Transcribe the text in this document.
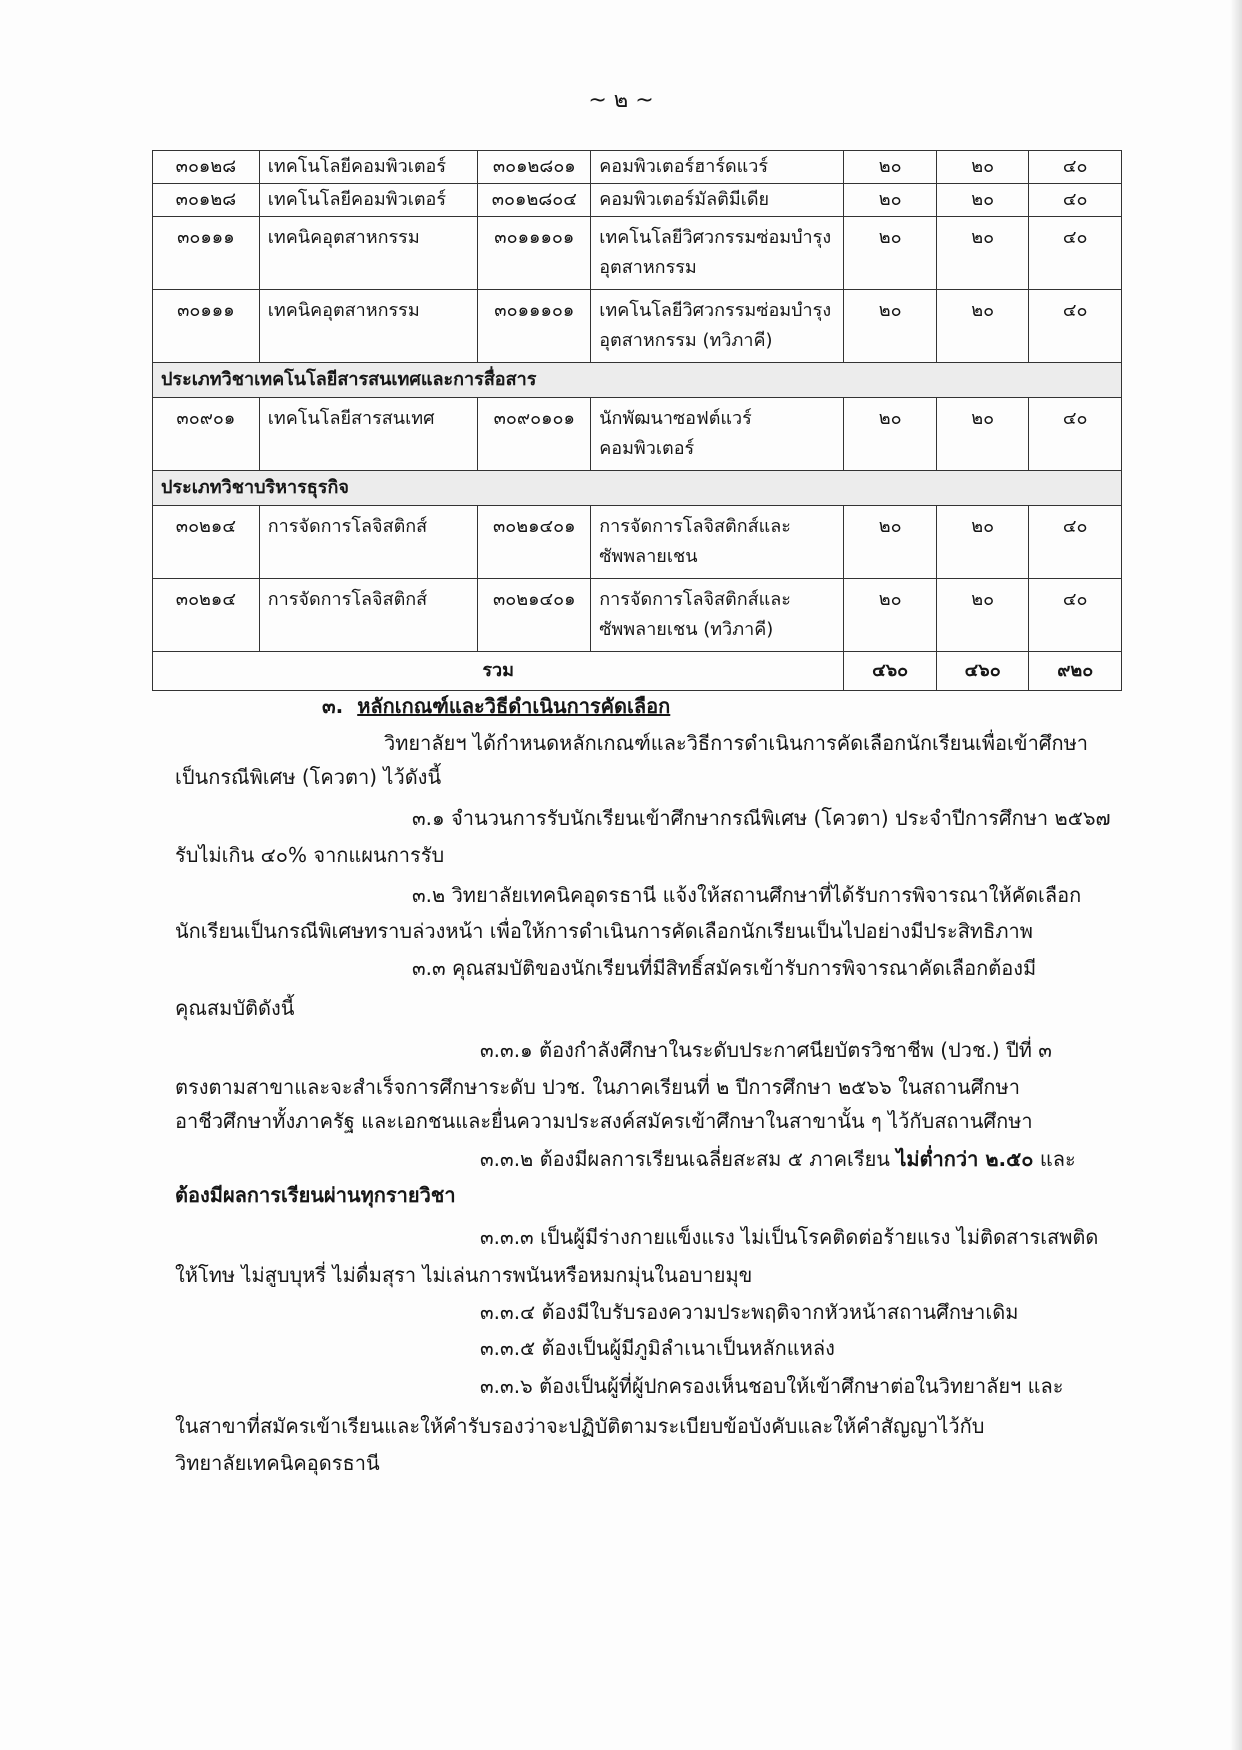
~ ๒ ~
๓๐๑๒๘	เทคโนโลยีคอมพิวเตอร์	๓๐๑๒๘๐๑	คอมพิวเตอร์ฮาร์ดแวร์	๒๐	๒๐	๔๐
๓๐๑๒๘	เทคโนโลยีคอมพิวเตอร์	๓๐๑๒๘๐๔	คอมพิวเตอร์มัลติมีเดีย	๒๐	๒๐	๔๐
๓๐๑๑๑	เทคนิคอุตสาหกรรม	๓๐๑๑๑๐๑	เทคโนโลยีวิศวกรรมซ่อมบำรุงอุตสาหกรรม	๒๐	๒๐	๔๐
๓๐๑๑๑	เทคนิคอุตสาหกรรม	๓๐๑๑๑๐๑	เทคโนโลยีวิศวกรรมซ่อมบำรุงอุตสาหกรรม (ทวิภาคี)	๒๐	๒๐	๔๐
ประเภทวิชาเทคโนโลยีสารสนเทศและการสื่อสาร						
๓๐๙๐๑	เทคโนโลยีสารสนเทศ	๓๐๙๐๑๐๑	นักพัฒนาซอฟต์แวร์คอมพิวเตอร์	๒๐	๒๐	๔๐
ประเภทวิชาบริหารธุรกิจ						
๓๐๒๑๔	การจัดการโลจิสติกส์	๓๐๒๑๔๐๑	การจัดการโลจิสติกส์และซัพพลายเชน	๒๐	๒๐	๔๐
๓๐๒๑๔	การจัดการโลจิสติกส์	๓๐๒๑๔๐๑	การจัดการโลจิสติกส์และซัพพลายเชน (ทวิภาคี)	๒๐	๒๐	๔๐
รวม				๔๖๐	๔๖๐	๙๒๐
๓. หลักเกณฑ์และวิธีดำเนินการคัดเลือก
วิทยาลัยฯ ได้กำหนดหลักเกณฑ์และวิธีการดำเนินการคัดเลือกนักเรียนเพื่อเข้าศึกษา
เป็นกรณีพิเศษ (โควตา) ไว้ดังนี้
๓.๑ จำนวนการรับนักเรียนเข้าศึกษากรณีพิเศษ (โควตา) ประจำปีการศึกษา ๒๕๖๗
รับไม่เกิน ๔๐% จากแผนการรับ
๓.๒ วิทยาลัยเทคนิคอุดรธานี แจ้งให้สถานศึกษาที่ได้รับการพิจารณาให้คัดเลือก
นักเรียนเป็นกรณีพิเศษทราบล่วงหน้า เพื่อให้การดำเนินการคัดเลือกนักเรียนเป็นไปอย่างมีประสิทธิภาพ
๓.๓ คุณสมบัติของนักเรียนที่มีสิทธิ์สมัครเข้ารับการพิจารณาคัดเลือกต้องมี
คุณสมบัติดังนี้
๓.๓.๑ ต้องกำลังศึกษาในระดับประกาศนียบัตรวิชาชีพ (ปวช.) ปีที่ ๓
ตรงตามสาขาและจะสำเร็จการศึกษาระดับ ปวช. ในภาคเรียนที่ ๒ ปีการศึกษา ๒๕๖๖ ในสถานศึกษา
อาชีวศึกษาทั้งภาครัฐ และเอกชนและยื่นความประสงค์สมัครเข้าศึกษาในสาขานั้น ๆ ไว้กับสถานศึกษา
๓.๓.๒ ต้องมีผลการเรียนเฉลี่ยสะสม ๕ ภาคเรียน ไม่ต่ำกว่า ๒.๕๐ และ
ต้องมีผลการเรียนผ่านทุกรายวิชา
๓.๓.๓ เป็นผู้มีร่างกายแข็งแรง ไม่เป็นโรคติดต่อร้ายแรง ไม่ติดสารเสพติด
ให้โทษ ไม่สูบบุหรี่ ไม่ดื่มสุรา ไม่เล่นการพนันหรือหมกมุ่นในอบายมุข
๓.๓.๔ ต้องมีใบรับรองความประพฤติจากหัวหน้าสถานศึกษาเดิม
๓.๓.๕ ต้องเป็นผู้มีภูมิลำเนาเป็นหลักแหล่ง
๓.๓.๖ ต้องเป็นผู้ที่ผู้ปกครองเห็นชอบให้เข้าศึกษาต่อในวิทยาลัยฯ และ
ในสาขาที่สมัครเข้าเรียนและให้คำรับรองว่าจะปฏิบัติตามระเบียบข้อบังคับและให้คำสัญญาไว้กับ
วิทยาลัยเทคนิคอุดรธานี
